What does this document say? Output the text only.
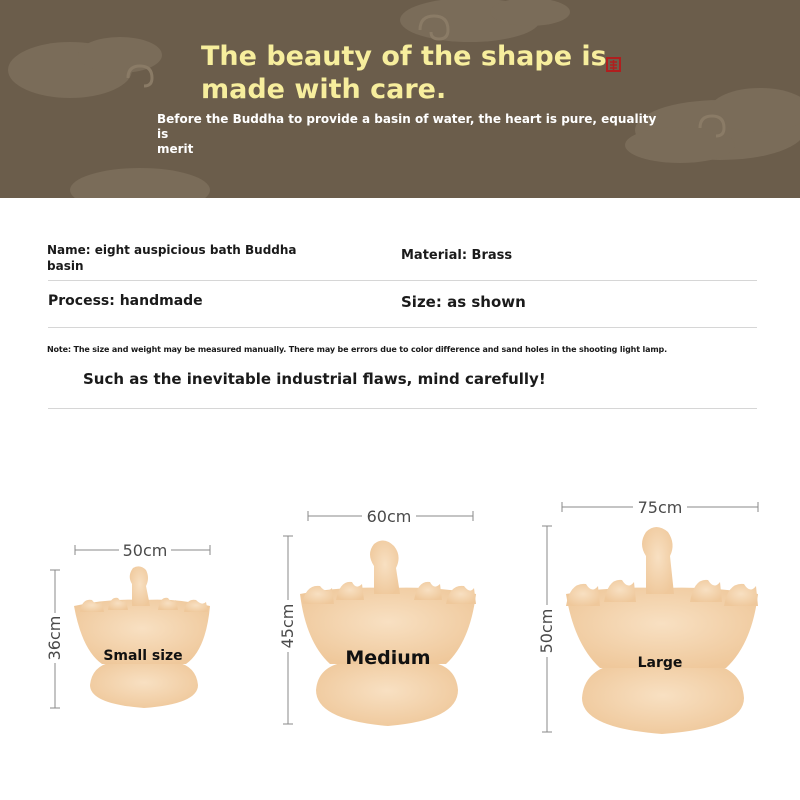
The beauty of the shape is
made with care.

Before the Buddha to provide a basin of water, the heart is pure, equality is
merit

Name: eight auspicious bath Buddha
basin

Material: Brass

Process: handmade	Size: as shown

Note: The size and weight may be measured manually. There may be errors due to color difference and sand holes in the shooting light lamp.

Such as the inevitable industrial flaws, mind carefully!

50cm
36cm	Small size
60cm
45cm
Medium
75cm
50cm
Large
